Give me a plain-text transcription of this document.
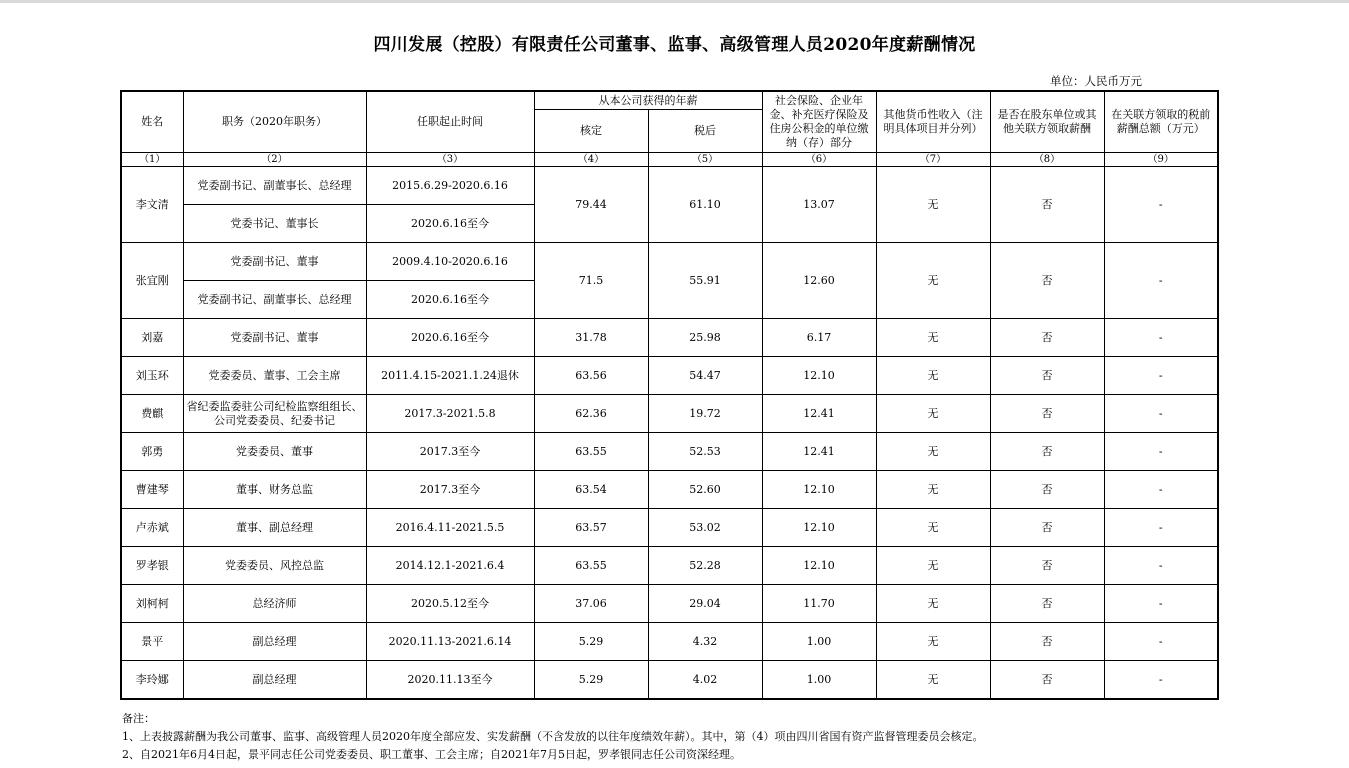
四川发展（控股）有限责任公司董事、监事、高级管理人员2020年度薪酬情况
单位：人民币万元
姓名	职务（2020年职务）	任职起止时间	从本公司获得的年薪		社会保险、企业年金、补充医疗保险及住房公积金的单位缴纳（存）部分	其他货币性收入（注明具体项目并分列）	是否在股东单位或其他关联方领取薪酬	在关联方领取的税前薪酬总额（万元）
			核定	税后				
（1）	（2）	（3）	（4）	（5）	（6）	（7）	（8）	（9）
李文清	党委副书记、副董事长、总经理	2015.6.29-2020.6.16	79.44	61.10	13.07	无	否	-
	党委书记、董事长	2020.6.16至今						
张宜刚	党委副书记、董事	2009.4.10-2020.6.16	71.5	55.91	12.60	无	否	-
	党委副书记、副董事长、总经理	2020.6.16至今						
刘嘉	党委副书记、董事	2020.6.16至今	31.78	25.98	6.17	无	否	-
刘玉环	党委委员、董事、工会主席	2011.4.15-2021.1.24退休	63.56	54.47	12.10	无	否	-
费麒	省纪委监委驻公司纪检监察组组长、公司党委委员、纪委书记	2017.3-2021.5.8	62.36	19.72	12.41	无	否	-
郭勇	党委委员、董事	2017.3至今	63.55	52.53	12.41	无	否	-
曹建琴	董事、财务总监	2017.3至今	63.54	52.60	12.10	无	否	-
卢赤斌	董事、副总经理	2016.4.11-2021.5.5	63.57	53.02	12.10	无	否	-
罗孝银	党委委员、风控总监	2014.12.1-2021.6.4	63.55	52.28	12.10	无	否	-
刘柯柯	总经济师	2020.5.12至今	37.06	29.04	11.70	无	否	-
景平	副总经理	2020.11.13-2021.6.14	5.29	4.32	1.00	无	否	-
李玲娜	副总经理	2020.11.13至今	5.29	4.02	1.00	无	否	-
备注：
1、上表披露薪酬为我公司董事、监事、高级管理人员2020年度全部应发、实发薪酬（不含发放的以往年度绩效年薪）。其中，第（4）项由四川省国有资产监督管理委员会核定。
2、自2021年6月4日起，景平同志任公司党委委员、职工董事、工会主席；自2021年7月5日起，罗孝银同志任公司资深经理。
